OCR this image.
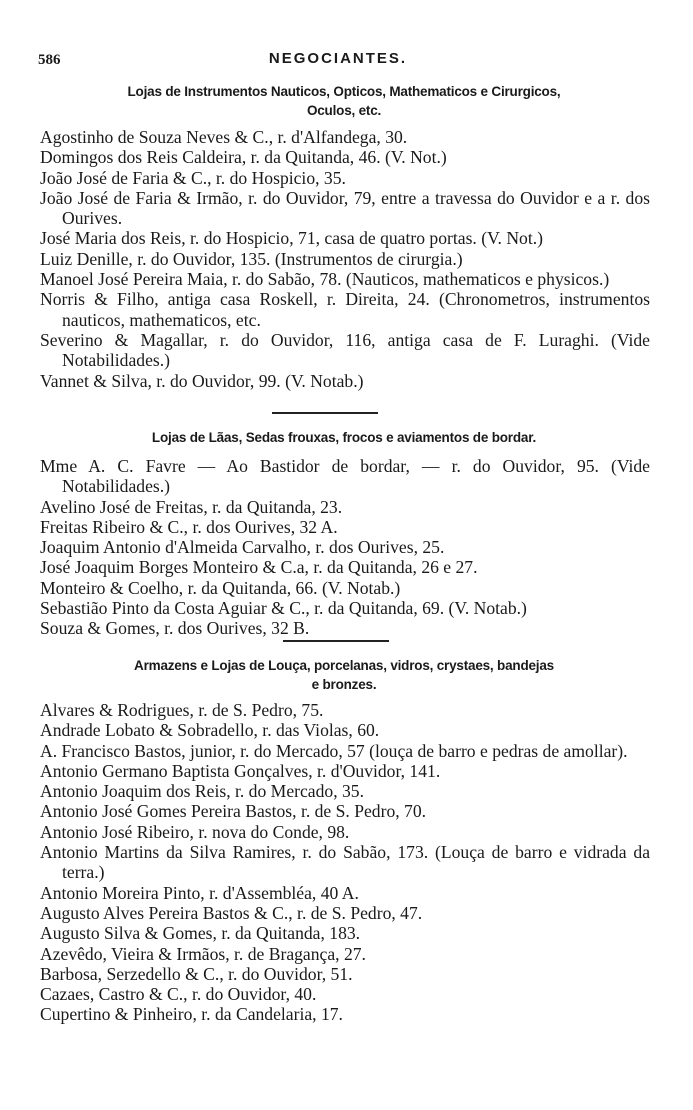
586	NEGOCIANTES.
Lojas de Instrumentos Nauticos, Opticos, Mathematicos e Cirurgicos,
Oculos, etc.
Agostinho de Souza Neves & C., r. d'Alfandega, 30.
Domingos dos Reis Caldeira, r. da Quitanda, 46. (V. Not.)
João José de Faria & C., r. do Hospicio, 35.
João José de Faria & Irmão, r. do Ouvidor, 79, entre a travessa do Ouvidor e a r. dos Ourives.
José Maria dos Reis, r. do Hospicio, 71, casa de quatro portas. (V. Not.)
Luiz Denille, r. do Ouvidor, 135. (Instrumentos de cirurgia.)
Manoel José Pereira Maia, r. do Sabão, 78. (Nauticos, mathematicos e physicos.)
Norris & Filho, antiga casa Roskell, r. Direita, 24. (Chronometros, instrumentos nauticos, mathematicos, etc.
Severino & Magallar, r. do Ouvidor, 116, antiga casa de F. Luraghi. (Vide Notabilidades.)
Vannet & Silva, r. do Ouvidor, 99. (V. Notab.)
Lojas de Lãas, Sedas frouxas, frocos e aviamentos de bordar.
Mme A. C. Favre — Ao Bastidor de bordar, — r. do Ouvidor, 95. (Vide Notabilidades.)
Avelino José de Freitas, r. da Quitanda, 23.
Freitas Ribeiro & C., r. dos Ourives, 32 A.
Joaquim Antonio d'Almeida Carvalho, r. dos Ourives, 25.
José Joaquim Borges Monteiro & C.a, r. da Quitanda, 26 e 27.
Monteiro & Coelho, r. da Quitanda, 66. (V. Notab.)
Sebastião Pinto da Costa Aguiar & C., r. da Quitanda, 69. (V. Notab.)
Souza & Gomes, r. dos Ourives, 32 B.
Armazens e Lojas de Louça, porcelanas, vidros, crystaes, bandejas
e bronzes.
Alvares & Rodrigues, r. de S. Pedro, 75.
Andrade Lobato & Sobradello, r. das Violas, 60.
A. Francisco Bastos, junior, r. do Mercado, 57 (louça de barro e pedras de amollar).
Antonio Germano Baptista Gonçalves, r. d'Ouvidor, 141.
Antonio Joaquim dos Reis, r. do Mercado, 35.
Antonio José Gomes Pereira Bastos, r. de S. Pedro, 70.
Antonio José Ribeiro, r. nova do Conde, 98.
Antonio Martins da Silva Ramires, r. do Sabão, 173. (Louça de barro e vidrada da terra.)
Antonio Moreira Pinto, r. d'Assembléa, 40 A.
Augusto Alves Pereira Bastos & C., r. de S. Pedro, 47.
Augusto Silva & Gomes, r. da Quitanda, 183.
Azevêdo, Vieira & Irmãos, r. de Bragança, 27.
Barbosa, Serzedello & C., r. do Ouvidor, 51.
Cazaes, Castro & C., r. do Ouvidor, 40.
Cupertino & Pinheiro, r. da Candelaria, 17.
